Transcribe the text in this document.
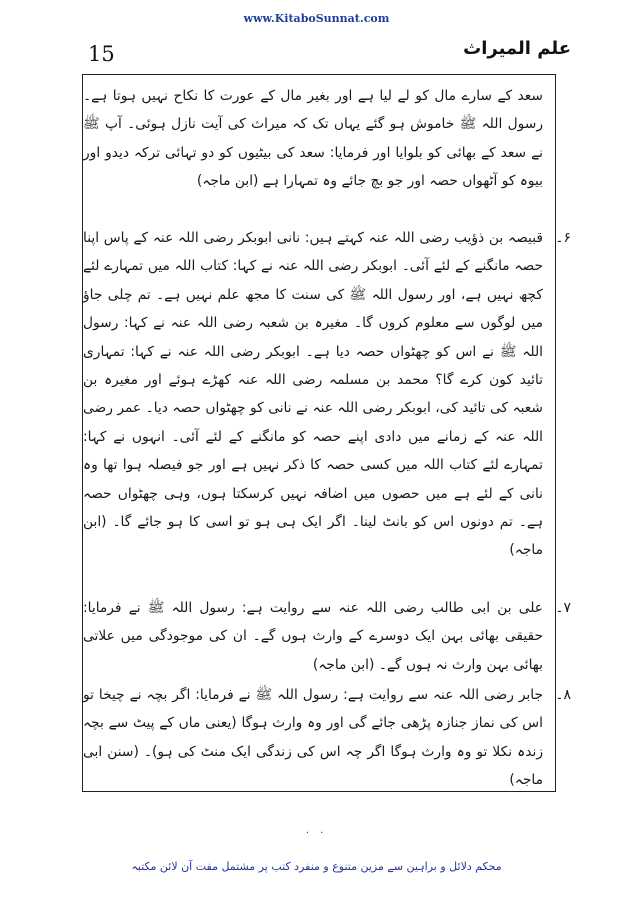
www.KitaboSunnat.com
15	علم المیراث
سعد کے سارے مال کو لے لیا ہے اور بغیر مال کے عورت کا نکاح نہیں ہوتا ہے۔ رسول اللہ ﷺ خاموش ہو گئے یہاں تک کہ میراث کی آیت نازل ہوئی۔ آپ ﷺ نے سعد کے بھائی کو بلوایا اور فرمایا: سعد کی بیٹیوں کو دو تہائی ترکہ دیدو اور بیوہ کو آٹھواں حصہ اور جو بچ جائے وہ تمہارا ہے (ابن ماجہ)
۶۔
قبیصہ بن ذؤیب رضی اللہ عنہ کہتے ہیں: نانی ابوبکر رضی اللہ عنہ کے پاس اپنا حصہ مانگنے کے لئے آئی۔ ابوبکر رضی اللہ عنہ نے کہا: کتاب اللہ میں تمہارے لئے کچھ نہیں ہے، اور رسول اللہ ﷺ کی سنت کا مجھ علم نہیں ہے۔ تم چلی جاؤ میں لوگوں سے معلوم کروں گا۔ مغیرہ بن شعبہ رضی اللہ عنہ نے کہا: رسول اللہ ﷺ نے اس کو چھٹواں حصہ دیا ہے۔ ابوبکر رضی اللہ عنہ نے کہا: تمہاری تائید کون کرے گا؟ محمد بن مسلمہ رضی اللہ عنہ کھڑے ہوئے اور مغیرہ بن شعبہ کی تائید کی، ابوبکر رضی اللہ عنہ نے نانی کو چھٹواں حصہ دیا۔ عمر رضی اللہ عنہ کے زمانے میں دادی اپنے حصہ کو مانگنے کے لئے آئی۔ انہوں نے کہا: تمہارے لئے کتاب اللہ میں کسی حصہ کا ذکر نہیں ہے اور جو فیصلہ ہوا تھا وہ نانی کے لئے ہے میں حصوں میں اضافہ نہیں کرسکتا ہوں، وہی چھٹواں حصہ ہے۔ تم دونوں اس کو بانٹ لینا۔ اگر ایک ہی ہو تو اسی کا ہو جائے گا۔ (ابن ماجہ)
۷۔
علی بن ابی طالب رضی اللہ عنہ سے روایت ہے: رسول اللہ ﷺ نے فرمایا: حقیقی بھائی بہن ایک دوسرے کے وارث ہوں گے۔ ان کی موجودگی میں علاتی بھائی بہن وارث نہ ہوں گے۔ (ابن ماجہ)
۸۔
جابر رضی اللہ عنہ سے روایت ہے: رسول اللہ ﷺ نے فرمایا: اگر بچہ نے چیخا تو اس کی نماز جنازہ پڑھی جائے گی اور وہ وارث ہوگا (یعنی ماں کے پیٹ سے بچہ زندہ نکلا تو وہ وارث ہوگا اگر چہ اس کی زندگی ایک منٹ کی ہو)۔ (سنن ابی ماجہ)
· ·
محکم دلائل و براہین سے مزین متنوع و منفرد کتب پر مشتمل مفت آن لائن مکتبہ
